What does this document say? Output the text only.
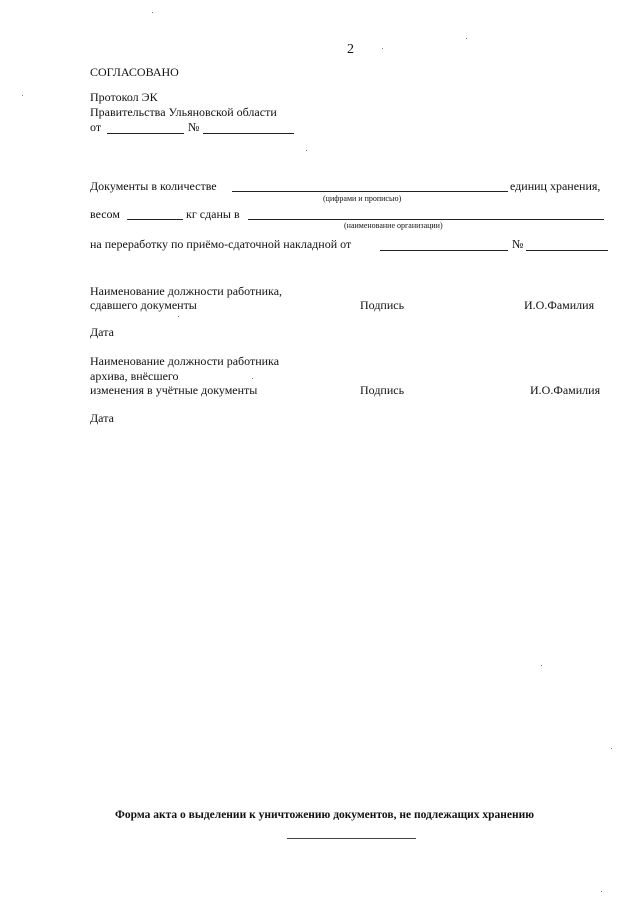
2
СОГЛАСОВАНО
Протокол ЭК
Правительства Ульяновской области
от	№
Документы в количестве	единиц хранения,
(цифрами и прописью)
весом	кг сданы в
(наименование организации)
на переработку по приёмо-сдаточной накладной от	№
Наименование должности работника,
сдавшего документы	Подпись	И.О.Фамилия
Дата
Наименование должности работника
архива, внёсшего
изменения в учётные документы	Подпись	И.О.Фамилия
Дата
Форма акта о выделении к уничтожению документов, не подлежащих хранению
